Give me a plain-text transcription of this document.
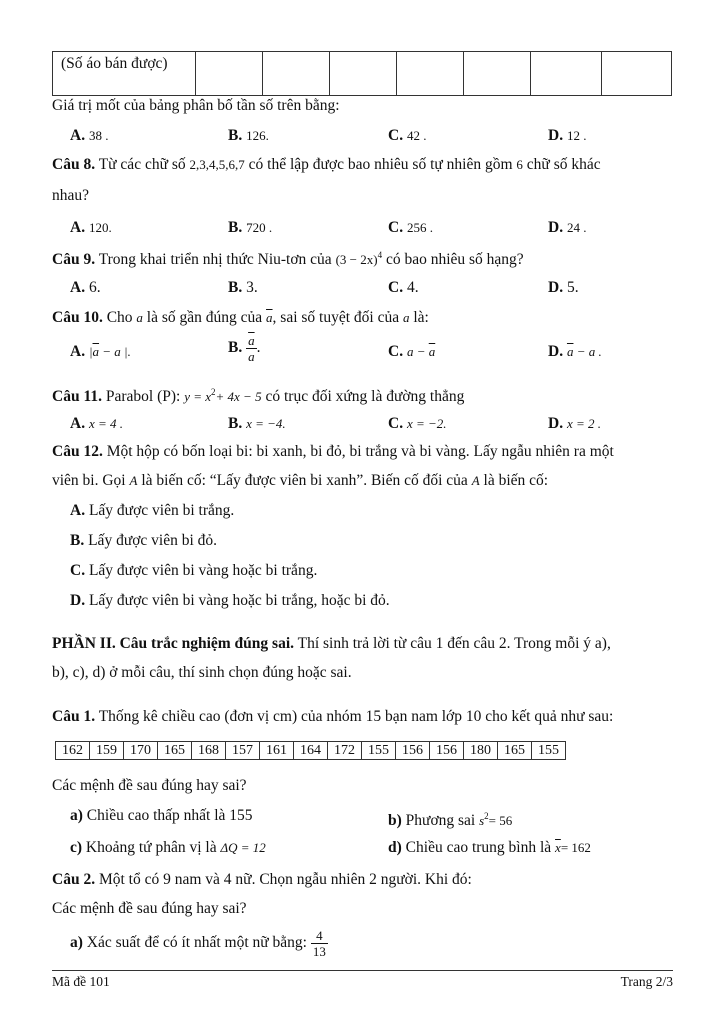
(Số áo bán được)							
Giá trị mốt của bảng phân bố tần số trên bằng:
A. 38 .	B. 126.	C. 42 .	D. 12 .
Câu 8. Từ các chữ số 2,3,4,5,6,7 có thể lập được bao nhiêu số tự nhiên gồm 6 chữ số khác
nhau?
A. 120.	B. 720 .	C. 256 .	D. 24 .
Câu 9. Trong khai triển nhị thức Niu-tơn của $(3 - 2x)^4$ có bao nhiêu số hạng?
A. 6.	B. 3.	C. 4.	D. 5.
Câu 10. Cho a là số gần đúng của $\overline{a}$, sai số tuyệt đối của a là:
A. $|\overline{a} - a$ |.	B. $\frac{\overline{a}}{a}$ .	C. $a - \overline{a}$	D. $\overline{a} - a$ .
Câu 11. Parabol (P): $y = x^2+ 4x - 5$ có trục đối xứng là đường thẳng
A. x = 4 .	B. x = −4.	C. x = −2.	D. x = 2 .
Câu 12. Một hộp có bốn loại bi: bi xanh, bi đỏ, bi trắng và bi vàng. Lấy ngẫu nhiên ra một
viên bi. Gọi A là biến cố: “Lấy được viên bi xanh”. Biến cố đối của A là biến cố:
A. Lấy được viên bi trắng.
B. Lấy được viên bi đỏ.
C. Lấy được viên bi vàng hoặc bi trắng.
D. Lấy được viên bi vàng hoặc bi trắng, hoặc bi đỏ.
PHẦN II. Câu trắc nghiệm đúng sai. Thí sinh trả lời từ câu 1 đến câu 2. Trong mỗi ý a),
b), c), d) ở mỗi câu, thí sinh chọn đúng hoặc sai.
Câu 1. Thống kê chiều cao (đơn vị cm) của nhóm 15 bạn nam lớp 10 cho kết quả như sau:
162	159	170	165	168	157	161	164	172	155	156	156	180	165	155
Các mệnh đề sau đúng hay sai?
a) Chiều cao thấp nhất là 155	b) Phương sai $s^2= 56$
c) Khoảng tứ phân vị là ΔQ = 12	d) Chiều cao trung bình là $\overline{x}= 162$
Câu 2. Một tổ có 9 nam và 4 nữ. Chọn ngẫu nhiên 2 người. Khi đó:
Các mệnh đề sau đúng hay sai?
a) Xác suất để có ít nhất một nữ bằng: $\frac{4}{13}$
Mã đề 101	Trang 2/3
